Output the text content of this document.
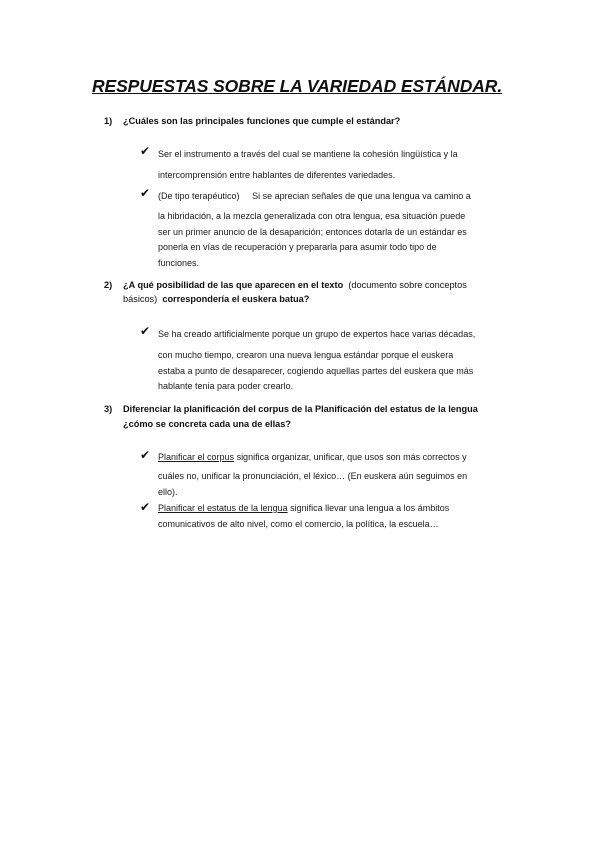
RESPUESTAS SOBRE LA VARIEDAD ESTÁNDAR.
1) ¿Cuáles son las principales funciones que cumple el estándar?
✔ Ser el instrumento a través del cual se mantiene la cohesión lingüística y la
intercomprensión entre hablantes de diferentes variedades.
✔ (De tipo terapéutico) Si se aprecian señales de que una lengua va camino a
la hibridación, a la mezcla generalizada con otra lengua, esa situación puede
ser un primer anuncio de la desaparición; entonces dotarla de un estándar es
ponerla en vías de recuperación y prepararla para asumir todo tipo de
funciones.
2) ¿A qué posibilidad de las que aparecen en el texto (documento sobre conceptos básicos) correspondería el euskera batua?
✔ Se ha creado artificialmente porque un grupo de expertos hace varias décadas,
con mucho tiempo, crearon una nueva lengua estándar porque el euskera
estaba a punto de desaparecer, cogiendo aquellas partes del euskera que más
hablante tenia para poder crearlo.
3) Diferenciar la planificación del corpus de la Planificación del estatus de la lengua
¿cómo se concreta cada una de ellas?
✔ Planificar el corpus significa organizar, unificar, que usos son más correctos y
cuáles no, unificar la pronunciación, el léxico… (En euskera aún seguimos en
ello).
✔ Planificar el estatus de la lengua significa llevar una lengua a los ámbitos
comunicativos de alto nivel, como el comercio, la política, la escuela…
